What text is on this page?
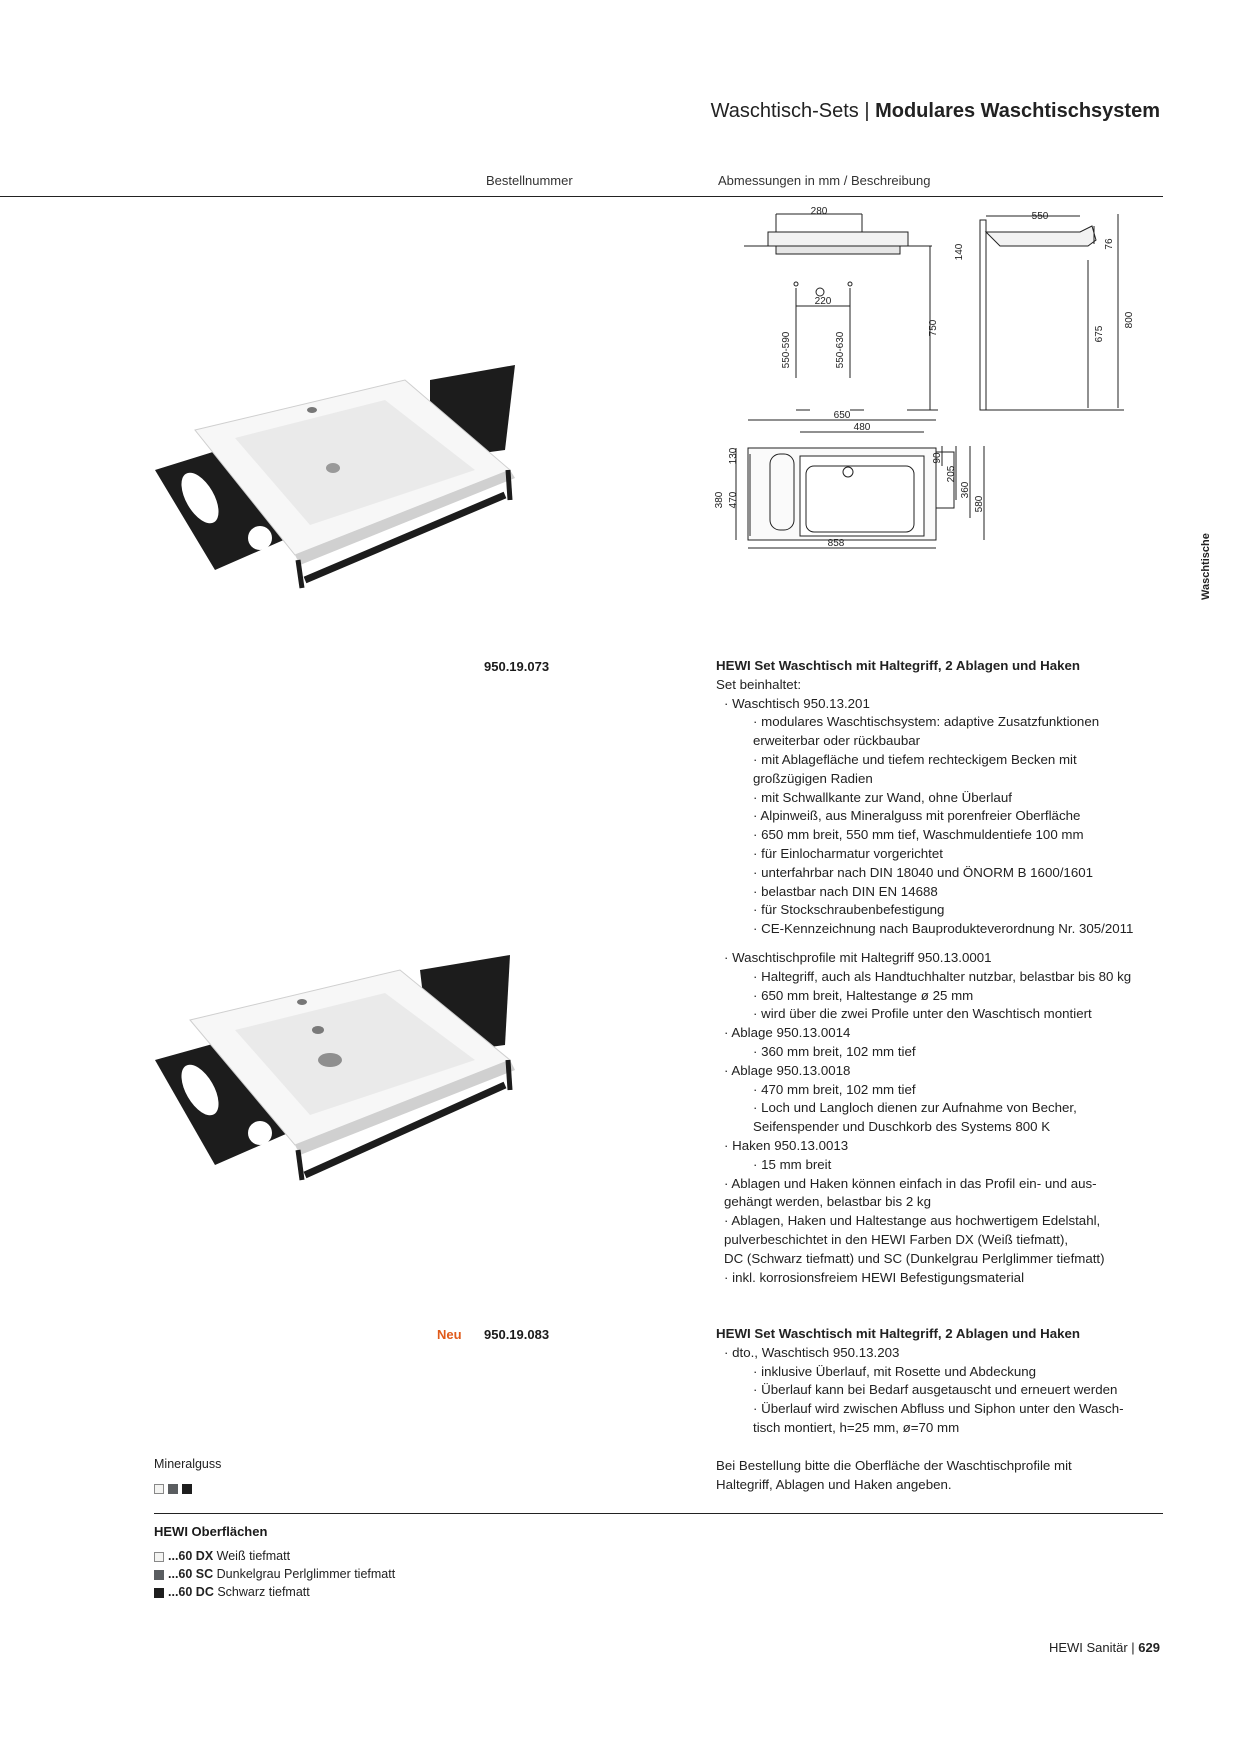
Waschtisch-Sets | Modulares Waschtischsystem
Bestellnummer	Abmessungen in mm / Beschreibung
Waschtische
280
220
550-590	550-630
750
140
550
76
675
800
650
480
380
130
470
90
205
360
580
858
950.19.073	HEWI Set Waschtisch mit Haltegriff, 2 Ablagen und Haken
Set beinhaltet:
· Waschtisch 950.13.201
· modulares Waschtischsystem: adaptive Zusatzfunktionen
erweiterbar oder rückbaubar
· mit Ablagefläche und tiefem rechteckigem Becken mit
großzügigen Radien
· mit Schwallkante zur Wand, ohne Überlauf
· Alpinweiß, aus Mineralguss mit porenfreier Oberfläche
· 650 mm breit, 550 mm tief, Waschmuldentiefe 100 mm
· für Einlocharmatur vorgerichtet
· unterfahrbar nach DIN 18040 und ÖNORM B 1600/1601
· belastbar nach DIN EN 14688
· für Stockschraubenbefestigung
· CE-Kennzeichnung nach Bauprodukteverordnung Nr. 305/2011
· Waschtischprofile mit Haltegriff 950.13.0001
· Haltegriff, auch als Handtuchhalter nutzbar, belastbar bis 80 kg
· 650 mm breit, Haltestange ø 25 mm
· wird über die zwei Profile unter den Waschtisch montiert
· Ablage 950.13.0014
· 360 mm breit, 102 mm tief
· Ablage 950.13.0018
· 470 mm breit, 102 mm tief
· Loch und Langloch dienen zur Aufnahme von Becher,
Seifenspender und Duschkorb des Systems 800 K
· Haken 950.13.0013
· 15 mm breit
· Ablagen und Haken können einfach in das Profil ein- und aus-
gehängt werden, belastbar bis 2 kg
· Ablagen, Haken und Haltestange aus hochwertigem Edelstahl,
pulverbeschichtet in den HEWI Farben DX (Weiß tiefmatt),
DC (Schwarz tiefmatt) und SC (Dunkelgrau Perlglimmer tiefmatt)
· inkl. korrosionsfreiem HEWI Befestigungsmaterial
Neu 950.19.083	HEWI Set Waschtisch mit Haltegriff, 2 Ablagen und Haken
· dto., Waschtisch 950.13.203
· inklusive Überlauf, mit Rosette und Abdeckung
· Überlauf kann bei Bedarf ausgetauscht und erneuert werden
· Überlauf wird zwischen Abfluss und Siphon unter den Wasch-
tisch montiert, h=25 mm, ø=70 mm
Bei Bestellung bitte die Oberfläche der Waschtischprofile mit
Haltegriff, Ablagen und Haken angeben.
Mineralguss
HEWI Oberflächen
...60 DX Weiß tiefmatt
...60 SC Dunkelgrau Perlglimmer tiefmatt
...60 DC Schwarz tiefmatt
HEWI Sanitär | 629
